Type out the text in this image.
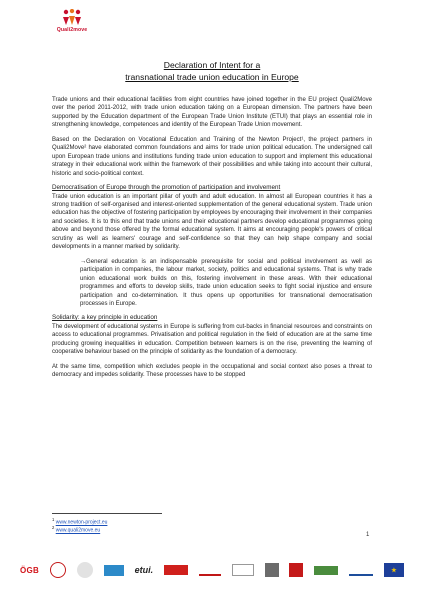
Quali2move
Declaration of Intent for a
transnational trade union education in Europe

Trade unions and their educational facilities from eight countries have joined together in the EU project Quali2Move over the period 2011-2012, with trade union education taking on a European dimension. The partners have been supported by the Education department of the European Trade Union Institute (ETUI) that plays an essential role in strengthening knowledge, competences and identity of the European Trade Union movement.

Based on the Declaration on Vocational Education and Training of the Newton Project¹, the project partners in Quali2Move² have elaborated common foundations and aims for trade union political education. The undersigned call upon European trade unions and institutions funding trade union education to support and implement this educational strategy in their educational work within the framework of their possibilities and while taking into account their cultural, historic and socio-political context.

Democratisation of Europe through the promotion of participation and involvement

Trade union education is an important pillar of youth and adult education. In almost all European countries it has a strong tradition of self-organised and interest-oriented supplementation of the general educational system. Trade union education has the objective of fostering participation by employees by encouraging their involvement in their companies and societies. It is to this end that trade unions and their educational partners develop educational programmes going above and beyond those offered by the formal educational system. It aims at encouraging people's powers of critical scrutiny as well as learners' courage and self-confidence so that they can help shape company and social developments in a manner marked by solidarity.

→General education is an indispensable prerequisite for social and political involvement as well as participation in companies, the labour market, society, politics and educational systems. That is why trade union educational work builds on this, fostering involvement in these areas. With their educational programmes and efforts to develop skills, trade union education seeks to fight social injustice and ensure participation and co-determination. It thus opens up opportunities for transnational democratisation processes in Europe.

Solidarity: a key principle in education

The development of educational systems in Europe is suffering from cut-backs in financial resources and constraints on access to educational programmes. Privatisation and political regulation in the field of education are at the same time producing growing inequalities in education. Competition between learners is on the rise, preventing the learning of cooperative behaviour based on the principle of solidarity as the foundation of a democracy.

At the same time, competition which excludes people in the occupational and social context also poses a threat to democracy and impedes solidarity. These processes have to be stopped

$^1$ www.newton-project.eu
$^2$ www.quali2move.eu
1
ÖGB	etui.	★
